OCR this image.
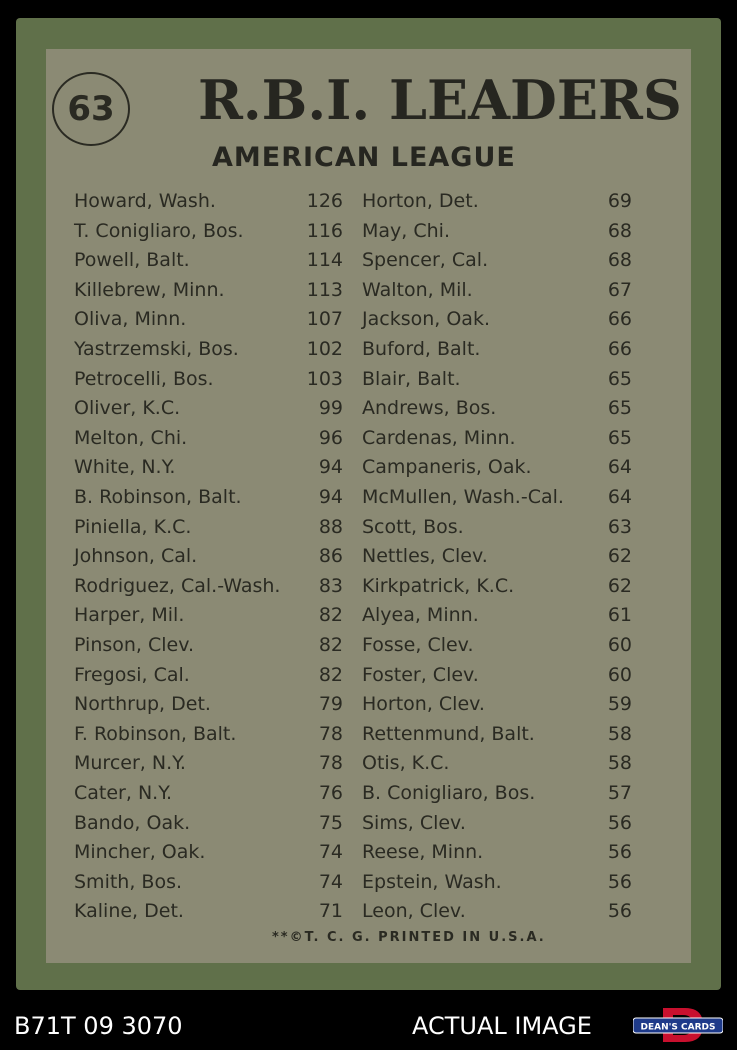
63 R.B.I. LEADERS
AMERICAN LEAGUE
Howard, Wash.	126
T. Conigliaro, Bos.	116
Powell, Balt.	114
Killebrew, Minn.	113
Oliva, Minn.	107
Yastrzemski, Bos.	102
Petrocelli, Bos.	103
Oliver, K.C.	99
Melton, Chi.	96
White, N.Y.	94
B. Robinson, Balt.	94
Piniella, K.C.	88
Johnson, Cal.	86
Rodriguez, Cal.-Wash. 83
Harper, Mil.	82
Pinson, Clev.	82
Fregosi, Cal.	82
Northrup, Det.	79
F. Robinson, Balt.	78
Murcer, N.Y.	78
Cater, N.Y.	76
Bando, Oak.	75
Mincher, Oak.	74
Smith, Bos.	74
Kaline, Det.	71
Horton, Det.	69
May, Chi.	68
Spencer, Cal.	68
Walton, Mil.	67
Jackson, Oak.	66
Buford, Balt.	66
Blair, Balt.	65
Andrews, Bos.	65
Cardenas, Minn.	65
Campaneris, Oak.	64
McMullen, Wash.-Cal. 64
Scott, Bos.	63
Nettles, Clev.	62
Kirkpatrick, K.C.	62
Alyea, Minn.	61
Fosse, Clev.	60
Foster, Clev.	60
Horton, Clev.	59
Rettenmund, Balt.	58
Otis, K.C.	58
B. Conigliaro, Bos.	57
Sims, Clev.	56
Reese, Minn.	56
Epstein, Wash.	56
Leon, Clev.	56
**©T. C. G. PRINTED IN U.S.A.
B71T 09 3070	ACTUAL IMAGE	DEAN'S CARDS
